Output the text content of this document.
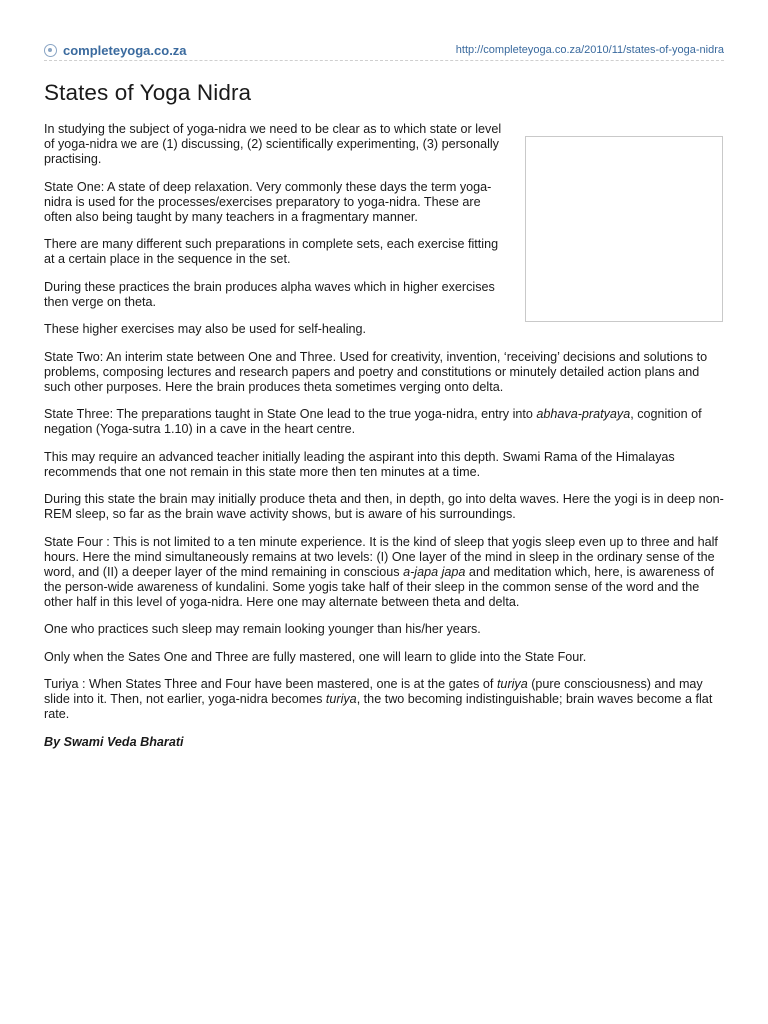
completeyoga.co.za	http://completeyoga.co.za/2010/11/states-of-yoga-nidra
States of Yoga Nidra

In studying the subject of yoga-nidra we need to be clear as to which state or level of yoga-nidra we are (1) discussing, (2) scientifically experimenting, (3) personally practising.

State One: A state of deep relaxation. Very commonly these days the term yoga-nidra is used for the processes/exercises preparatory to yoga-nidra. These are often also being taught by many teachers in a fragmentary manner.

There are many different such preparations in complete sets, each exercise fitting at a certain place in the sequence in the set.

During these practices the brain produces alpha waves which in higher exercises then verge on theta.

These higher exercises may also be used for self-healing.

State Two: An interim state between One and Three. Used for creativity, invention, ‘receiving’ decisions and solutions to problems, composing lectures and research papers and poetry and constitutions or minutely detailed action plans and such other purposes. Here the brain produces theta sometimes verging onto delta.

State Three: The preparations taught in State One lead to the true yoga-nidra, entry into abhava-pratyaya, cognition of negation (Yoga-sutra 1.10) in a cave in the heart centre.

This may require an advanced teacher initially leading the aspirant into this depth. Swami Rama of the Himalayas recommends that one not remain in this state more then ten minutes at a time.

During this state the brain may initially produce theta and then, in depth, go into delta waves. Here the yogi is in deep non-REM sleep, so far as the brain wave activity shows, but is aware of his surroundings.

State Four : This is not limited to a ten minute experience. It is the kind of sleep that yogis sleep even up to three and half hours. Here the mind simultaneously remains at two levels: (I) One layer of the mind in sleep in the ordinary sense of the word, and (II) a deeper layer of the mind remaining in conscious a-japa japa and meditation which, here, is awareness of the person-wide awareness of kundalini. Some yogis take half of their sleep in the common sense of the word and the other half in this level of yoga-nidra. Here one may alternate between theta and delta.

One who practices such sleep may remain looking younger than his/her years.

Only when the Sates One and Three are fully mastered, one will learn to glide into the State Four.

Turiya : When States Three and Four have been mastered, one is at the gates of turiya (pure consciousness) and may slide into it. Then, not earlier, yoga-nidra becomes turiya, the two becoming indistinguishable; brain waves become a flat rate.

By Swami Veda Bharati
